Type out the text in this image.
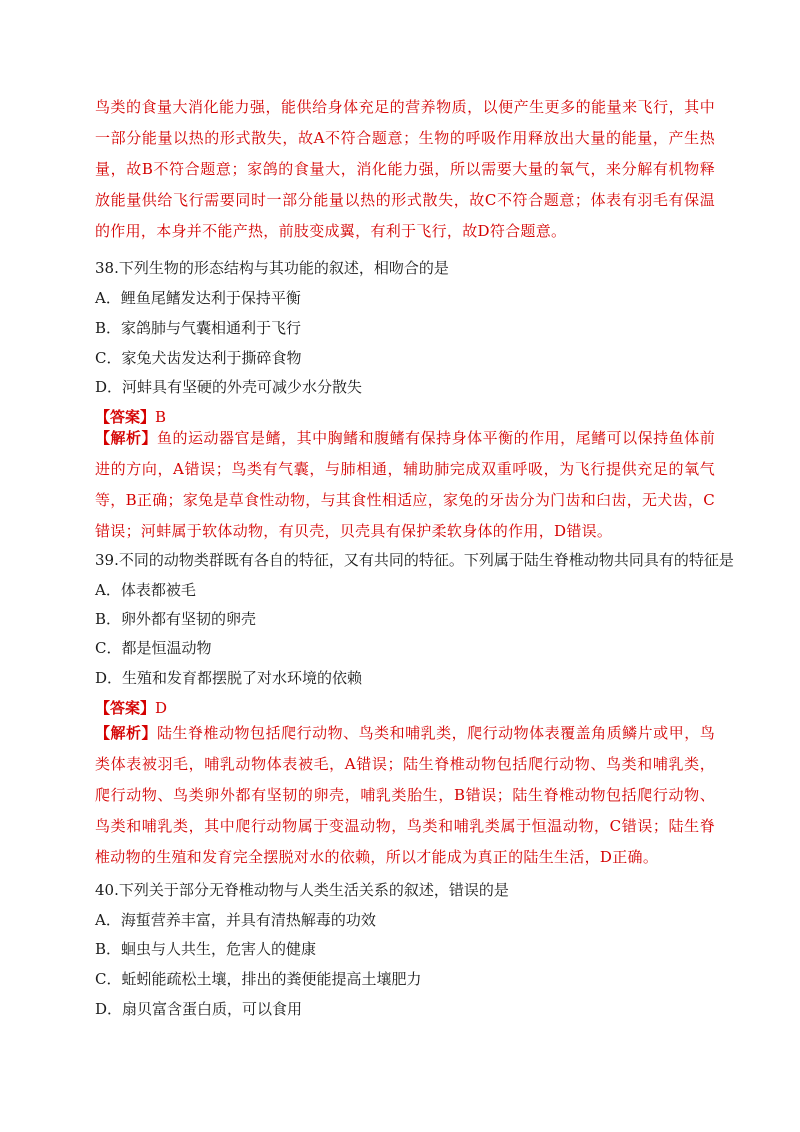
鸟类的食量大消化能力强，能供给身体充足的营养物质，以便产生更多的能量来飞行，其中一部分能量以热的形式散失，故A不符合题意；生物的呼吸作用释放出大量的能量，产生热量，故B不符合题意；家鸽的食量大，消化能力强，所以需要大量的氧气，来分解有机物释放能量供给飞行需要同时一部分能量以热的形式散失，故C不符合题意；体表有羽毛有保温的作用，本身并不能产热，前肢变成翼，有利于飞行，故D符合题意。
38.下列生物的形态结构与其功能的叙述，相吻合的是
A．鲤鱼尾鳍发达利于保持平衡
B．家鸽肺与气囊相通利于飞行
C．家兔犬齿发达利于撕碎食物
D．河蚌具有坚硬的外壳可减少水分散失
【答案】B
【解析】鱼的运动器官是鳍，其中胸鳍和腹鳍有保持身体平衡的作用，尾鳍可以保持鱼体前进的方向，A错误；鸟类有气囊，与肺相通，辅助肺完成双重呼吸，为飞行提供充足的氧气等，B正确；家兔是草食性动物，与其食性相适应，家兔的牙齿分为门齿和臼齿，无犬齿，C错误；河蚌属于软体动物，有贝壳，贝壳具有保护柔软身体的作用，D错误。
39.不同的动物类群既有各自的特征，又有共同的特征。下列属于陆生脊椎动物共同具有的特征是
A．体表都被毛
B．卵外都有坚韧的卵壳
C．都是恒温动物
D．生殖和发育都摆脱了对水环境的依赖
【答案】D
【解析】陆生脊椎动物包括爬行动物、鸟类和哺乳类，爬行动物体表覆盖角质鳞片或甲，鸟类体表被羽毛，哺乳动物体表被毛，A错误；陆生脊椎动物包括爬行动物、鸟类和哺乳类，爬行动物、鸟类卵外都有坚韧的卵壳，哺乳类胎生，B错误；陆生脊椎动物包括爬行动物、鸟类和哺乳类，其中爬行动物属于变温动物，鸟类和哺乳类属于恒温动物，C错误；陆生脊椎动物的生殖和发育完全摆脱对水的依赖，所以才能成为真正的陆生生活，D正确。
40.下列关于部分无脊椎动物与人类生活关系的叙述，错误的是
A．海蜇营养丰富，并具有清热解毒的功效
B．蛔虫与人共生，危害人的健康
C．蚯蚓能疏松土壤，排出的粪便能提高土壤肥力
D．扇贝富含蛋白质，可以食用
